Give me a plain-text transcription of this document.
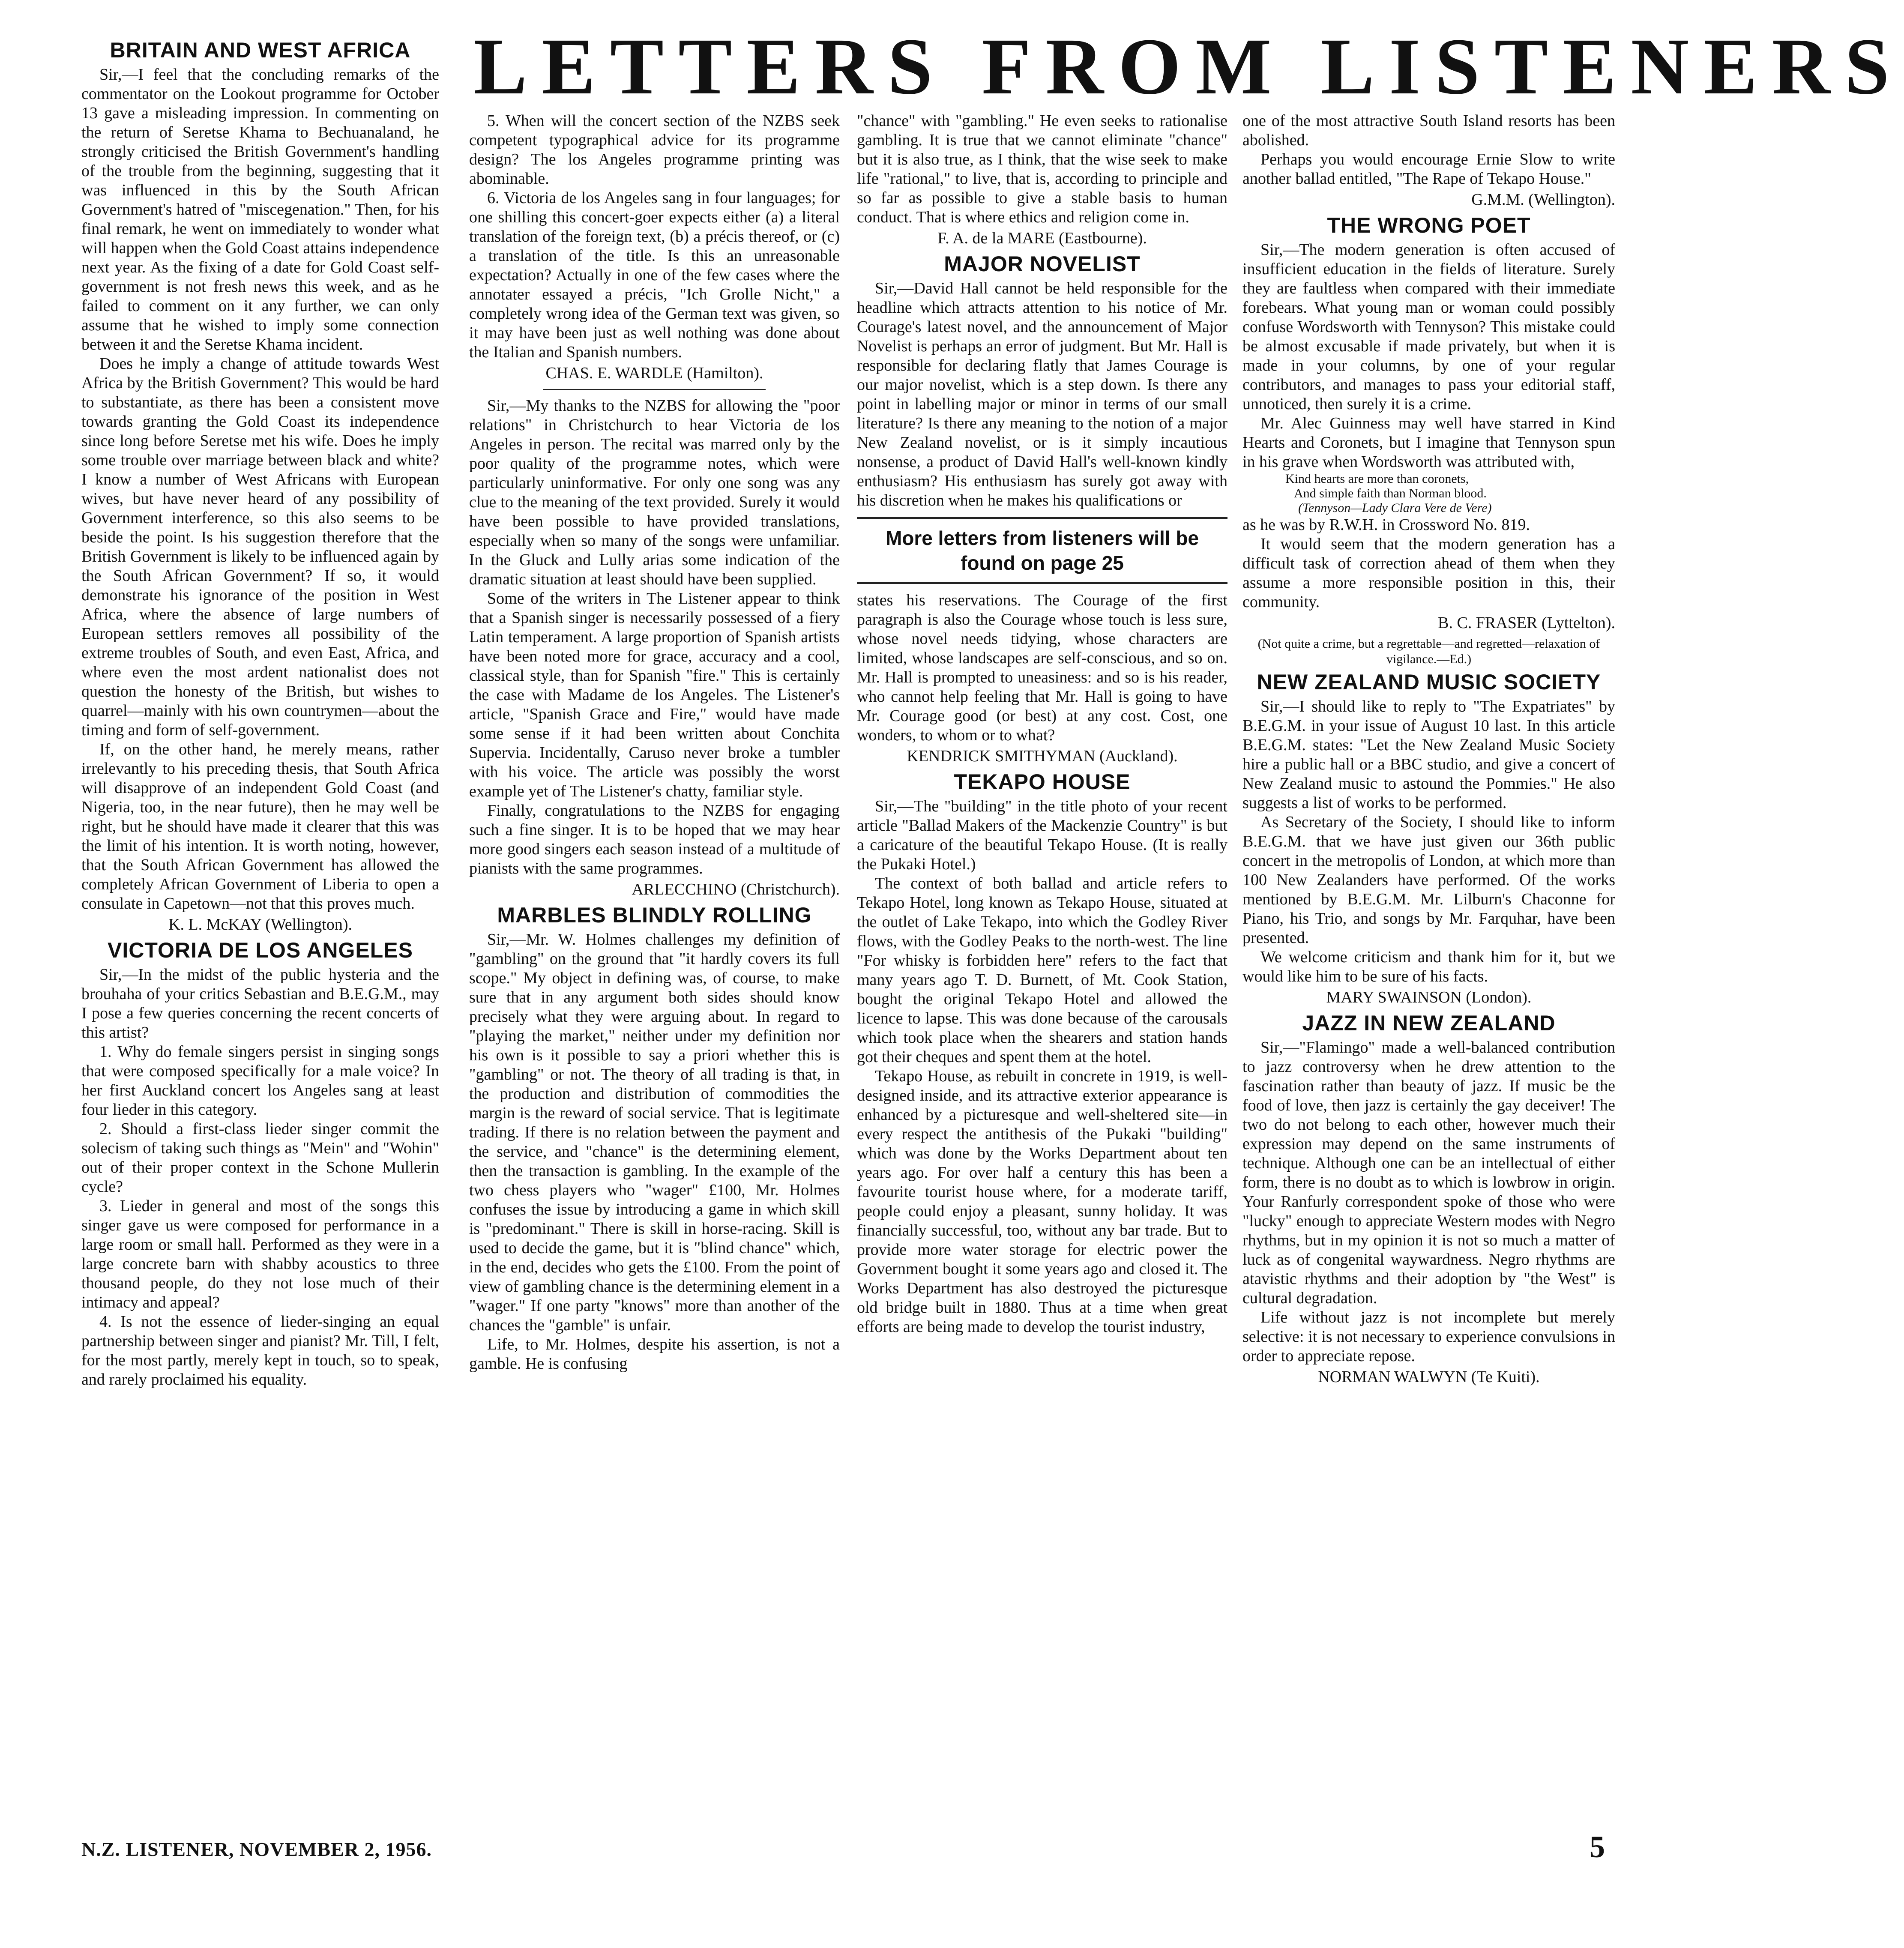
LETTERS FROM LISTENERS
BRITAIN AND WEST AFRICA

Sir,—I feel that the concluding remarks of the commentator on the Lookout programme for October 13 gave a misleading impression. In commenting on the return of Seretse Khama to Bechuanaland, he strongly criticised the British Government's handling of the trouble from the beginning, suggesting that it was influenced in this by the South African Government's hatred of "miscegenation." Then, for his final remark, he went on immediately to wonder what will happen when the Gold Coast attains independence next year. As the fixing of a date for Gold Coast self-government is not fresh news this week, and as he failed to comment on it any further, we can only assume that he wished to imply some connection between it and the Seretse Khama incident.

Does he imply a change of attitude towards West Africa by the British Government? This would be hard to substantiate, as there has been a consistent move towards granting the Gold Coast its independence since long before Seretse met his wife. Does he imply some trouble over marriage between black and white? I know a number of West Africans with European wives, but have never heard of any possibility of Government interference, so this also seems to be beside the point. Is his suggestion therefore that the British Government is likely to be influenced again by the South African Government? If so, it would demonstrate his ignorance of the position in West Africa, where the absence of large numbers of European settlers removes all possibility of the extreme troubles of South, and even East, Africa, and where even the most ardent nationalist does not question the honesty of the British, but wishes to quarrel—mainly with his own countrymen—about the timing and form of self-government.

If, on the other hand, he merely means, rather irrelevantly to his preceding thesis, that South Africa will disapprove of an independent Gold Coast (and Nigeria, too, in the near future), then he may well be right, but he should have made it clearer that this was the limit of his intention. It is worth noting, however, that the South African Government has allowed the completely African Government of Liberia to open a consulate in Capetown—not that this proves much.

K. L. McKAY (Wellington).

VICTORIA DE LOS ANGELES

Sir,—In the midst of the public hysteria and the brouhaha of your critics Sebastian and B.E.G.M., may I pose a few queries concerning the recent concerts of this artist?

1. Why do female singers persist in singing songs that were composed specifically for a male voice? In her first Auckland concert los Angeles sang at least four lieder in this category.

2. Should a first-class lieder singer commit the solecism of taking such things as "Mein" and "Wohin" out of their proper context in the Schone Mullerin cycle?

3. Lieder in general and most of the songs this singer gave us were composed for performance in a large room or small hall. Performed as they were in a large concrete barn with shabby acoustics to three thousand people, do they not lose much of their intimacy and appeal?

4. Is not the essence of lieder-singing an equal partnership between singer and pianist? Mr. Till, I felt, for the most partly, merely kept in touch, so to speak, and rarely proclaimed his equality.

5. When will the concert section of the NZBS seek competent typographical advice for its programme design? The los Angeles programme printing was abominable.

6. Victoria de los Angeles sang in four languages; for one shilling this concert-goer expects either (a) a literal translation of the foreign text, (b) a précis thereof, or (c) a translation of the title. Is this an unreasonable expectation? Actually in one of the few cases where the annotater essayed a précis, "Ich Grolle Nicht," a completely wrong idea of the German text was given, so it may have been just as well nothing was done about the Italian and Spanish numbers.

CHAS. E. WARDLE (Hamilton).

Sir,—My thanks to the NZBS for allowing the "poor relations" in Christchurch to hear Victoria de los Angeles in person. The recital was marred only by the poor quality of the programme notes, which were particularly uninformative. For only one song was any clue to the meaning of the text provided. Surely it would have been possible to have provided translations, especially when so many of the songs were unfamiliar. In the Gluck and Lully arias some indication of the dramatic situation at least should have been supplied.

Some of the writers in The Listener appear to think that a Spanish singer is necessarily possessed of a fiery Latin temperament. A large proportion of Spanish artists have been noted more for grace, accuracy and a cool, classical style, than for Spanish "fire." This is certainly the case with Madame de los Angeles. The Listener's article, "Spanish Grace and Fire," would have made some sense if it had been written about Conchita Supervia. Incidentally, Caruso never broke a tumbler with his voice. The article was possibly the worst example yet of The Listener's chatty, familiar style.

Finally, congratulations to the NZBS for engaging such a fine singer. It is to be hoped that we may hear more good singers each season instead of a multitude of pianists with the same programmes.

ARLECCHINO (Christchurch).

MARBLES BLINDLY ROLLING

Sir,—Mr. W. Holmes challenges my definition of "gambling" on the ground that "it hardly covers its full scope." My object in defining was, of course, to make sure that in any argument both sides should know precisely what they were arguing about. In regard to "playing the market," neither under my definition nor his own is it possible to say a priori whether this is "gambling" or not. The theory of all trading is that, in the production and distribution of commodities the margin is the reward of social service. That is legitimate trading. If there is no relation between the payment and the service, and "chance" is the determining element, then the transaction is gambling. In the example of the two chess players who "wager" £100, Mr. Holmes confuses the issue by introducing a game in which skill is "predominant." There is skill in horse-racing. Skill is used to decide the game, but it is "blind chance" which, in the end, decides who gets the £100. From the point of view of gambling chance is the determining element in a "wager." If one party "knows" more than another of the chances the "gamble" is unfair.

Life, to Mr. Holmes, despite his assertion, is not a gamble. He is confusing

"chance" with "gambling." He even seeks to rationalise gambling. It is true that we cannot eliminate "chance" but it is also true, as I think, that the wise seek to make life "rational," to live, that is, according to principle and so far as possible to give a stable basis to human conduct. That is where ethics and religion come in.

F. A. de la MARE (Eastbourne).

MAJOR NOVELIST

Sir,—David Hall cannot be held responsible for the headline which attracts attention to his notice of Mr. Courage's latest novel, and the announcement of Major Novelist is perhaps an error of judgment. But Mr. Hall is responsible for declaring flatly that James Courage is our major novelist, which is a step down. Is there any point in labelling major or minor in terms of our small literature? Is there any meaning to the notion of a major New Zealand novelist, or is it simply incautious nonsense, a product of David Hall's well-known kindly enthusiasm? His enthusiasm has surely got away with his discretion when he makes his qualifications or

More letters from listeners will be found on page 25

states his reservations. The Courage of the first paragraph is also the Courage whose touch is less sure, whose novel needs tidying, whose characters are limited, whose landscapes are self-conscious, and so on. Mr. Hall is prompted to uneasiness: and so is his reader, who cannot help feeling that Mr. Hall is going to have Mr. Courage good (or best) at any cost. Cost, one wonders, to whom or to what?

KENDRICK SMITHYMAN (Auckland).

TEKAPO HOUSE

Sir,—The "building" in the title photo of your recent article "Ballad Makers of the Mackenzie Country" is but a caricature of the beautiful Tekapo House. (It is really the Pukaki Hotel.)

The context of both ballad and article refers to Tekapo Hotel, long known as Tekapo House, situated at the outlet of Lake Tekapo, into which the Godley River flows, with the Godley Peaks to the north-west. The line "For whisky is forbidden here" refers to the fact that many years ago T. D. Burnett, of Mt. Cook Station, bought the original Tekapo Hotel and allowed the licence to lapse. This was done because of the carousals which took place when the shearers and station hands got their cheques and spent them at the hotel.

Tekapo House, as rebuilt in concrete in 1919, is well-designed inside, and its attractive exterior appearance is enhanced by a picturesque and well-sheltered site—in every respect the antithesis of the Pukaki "building" which was done by the Works Department about ten years ago. For over half a century this has been a favourite tourist house where, for a moderate tariff, people could enjoy a pleasant, sunny holiday. It was financially successful, too, without any bar trade. But to provide more water storage for electric power the Government bought it some years ago and closed it. The Works Department has also destroyed the picturesque old bridge built in 1880. Thus at a time when great efforts are being made to develop the tourist industry,

one of the most attractive South Island resorts has been abolished.

Perhaps you would encourage Ernie Slow to write another ballad entitled, "The Rape of Tekapo House."

G.M.M. (Wellington).

THE WRONG POET

Sir,—The modern generation is often accused of insufficient education in the fields of literature. Surely they are faultless when compared with their immediate forebears. What young man or woman could possibly confuse Wordsworth with Tennyson? This mistake could be almost excusable if made privately, but when it is made in your columns, by one of your regular contributors, and manages to pass your editorial staff, unnoticed, then surely it is a crime.

Mr. Alec Guinness may well have starred in Kind Hearts and Coronets, but I imagine that Tennyson spun in his grave when Wordsworth was attributed with,

Kind hearts are more than coronets,

And simple faith than Norman blood.

(Tennyson—Lady Clara Vere de Vere)

as he was by R.W.H. in Crossword No. 819.

It would seem that the modern generation has a difficult task of correction ahead of them when they assume a more responsible position in this, their community.

B. C. FRASER (Lyttelton).

(Not quite a crime, but a regrettable—and regretted—relaxation of vigilance.—Ed.)

NEW ZEALAND MUSIC SOCIETY

Sir,—I should like to reply to "The Expatriates" by B.E.G.M. in your issue of August 10 last. In this article B.E.G.M. states: "Let the New Zealand Music Society hire a public hall or a BBC studio, and give a concert of New Zealand music to astound the Pommies." He also suggests a list of works to be performed.

As Secretary of the Society, I should like to inform B.E.G.M. that we have just given our 36th public concert in the metropolis of London, at which more than 100 New Zealanders have performed. Of the works mentioned by B.E.G.M. Mr. Lilburn's Chaconne for Piano, his Trio, and songs by Mr. Farquhar, have been presented.

We welcome criticism and thank him for it, but we would like him to be sure of his facts.

MARY SWAINSON (London).

JAZZ IN NEW ZEALAND

Sir,—"Flamingo" made a well-balanced contribution to jazz controversy when he drew attention to the fascination rather than beauty of jazz. If music be the food of love, then jazz is certainly the gay deceiver! The two do not belong to each other, however much their expression may depend on the same instruments of technique. Although one can be an intellectual of either form, there is no doubt as to which is lowbrow in origin. Your Ranfurly correspondent spoke of those who were "lucky" enough to appreciate Western modes with Negro rhythms, but in my opinion it is not so much a matter of luck as of congenital waywardness. Negro rhythms are atavistic rhythms and their adoption by "the West" is cultural degradation.

Life without jazz is not incomplete but merely selective: it is not necessary to experience convulsions in order to appreciate repose.

NORMAN WALWYN (Te Kuiti).

N.Z. LISTENER, NOVEMBER 2, 1956.	5
